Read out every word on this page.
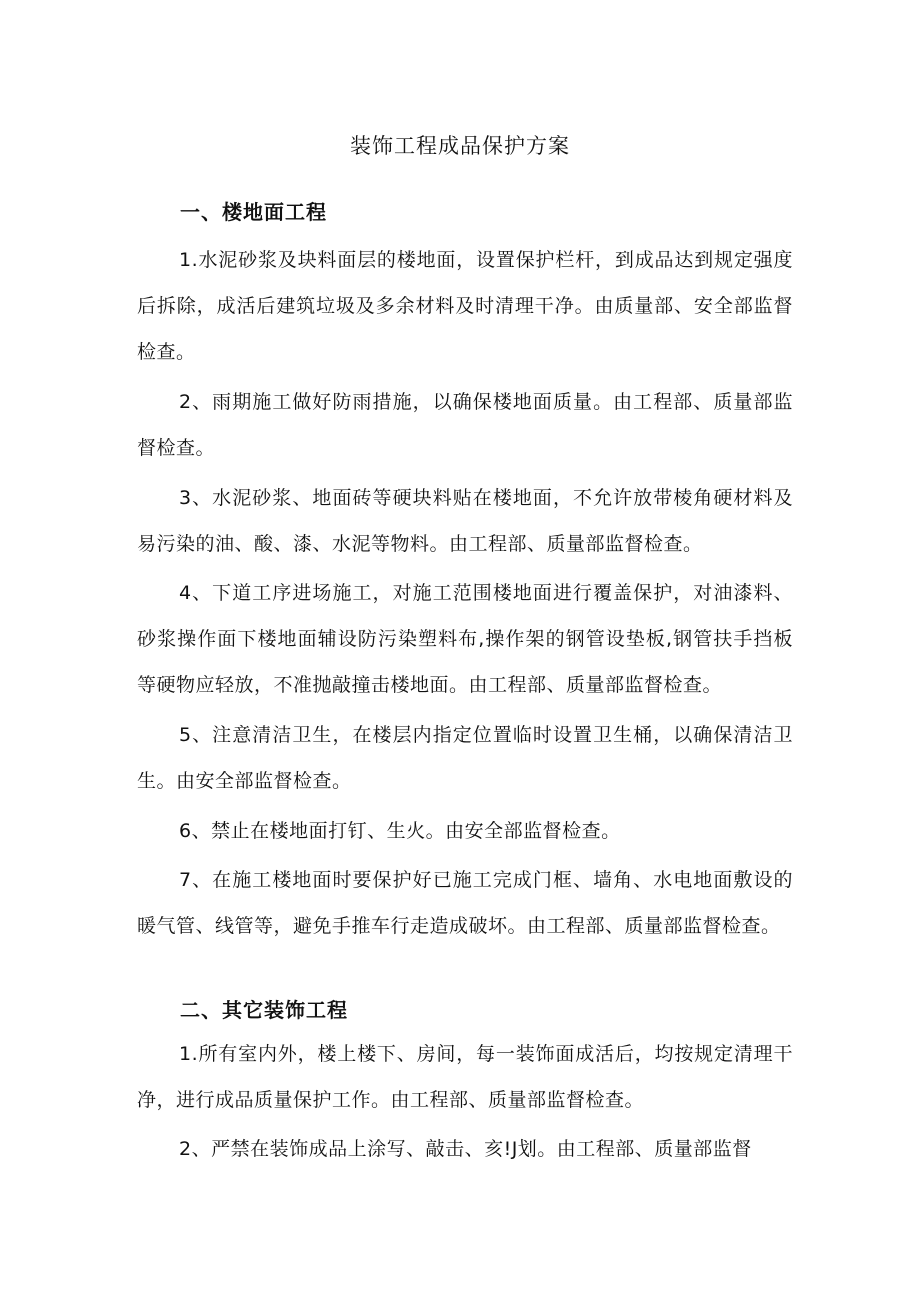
装饰工程成品保护方案
一、楼地面工程

1.水泥砂浆及块料面层的楼地面，设置保护栏杆，到成品达到规定强度后拆除，成活后建筑垃圾及多余材料及时清理干净。由质量部、安全部监督检查。

2、雨期施工做好防雨措施，以确保楼地面质量。由工程部、质量部监督检查。

3、水泥砂浆、地面砖等硬块料贴在楼地面，不允许放带棱角硬材料及易污染的油、酸、漆、水泥等物料。由工程部、质量部监督检查。

4、下道工序进场施工，对施工范围楼地面进行覆盖保护，对油漆料、砂浆操作面下楼地面辅设防污染塑料布,操作架的钢管设垫板,钢管扶手挡板等硬物应轻放，不准抛敲撞击楼地面。由工程部、质量部监督检查。

5、注意清洁卫生，在楼层内指定位置临时设置卫生桶，以确保清洁卫生。由安全部监督检查。

6、禁止在楼地面打钉、生火。由安全部监督检查。

7、在施工楼地面时要保护好已施工完成门框、墙角、水电地面敷设的暖气管、线管等，避免手推车行走造成破坏。由工程部、质量部监督检查。

二、其它装饰工程

1.所有室内外，楼上楼下、房间，每一装饰面成活后，均按规定清理干净，进行成品质量保护工作。由工程部、质量部监督检查。

2、严禁在装饰成品上涂写、敲击、亥!J划。由工程部、质量部监督
